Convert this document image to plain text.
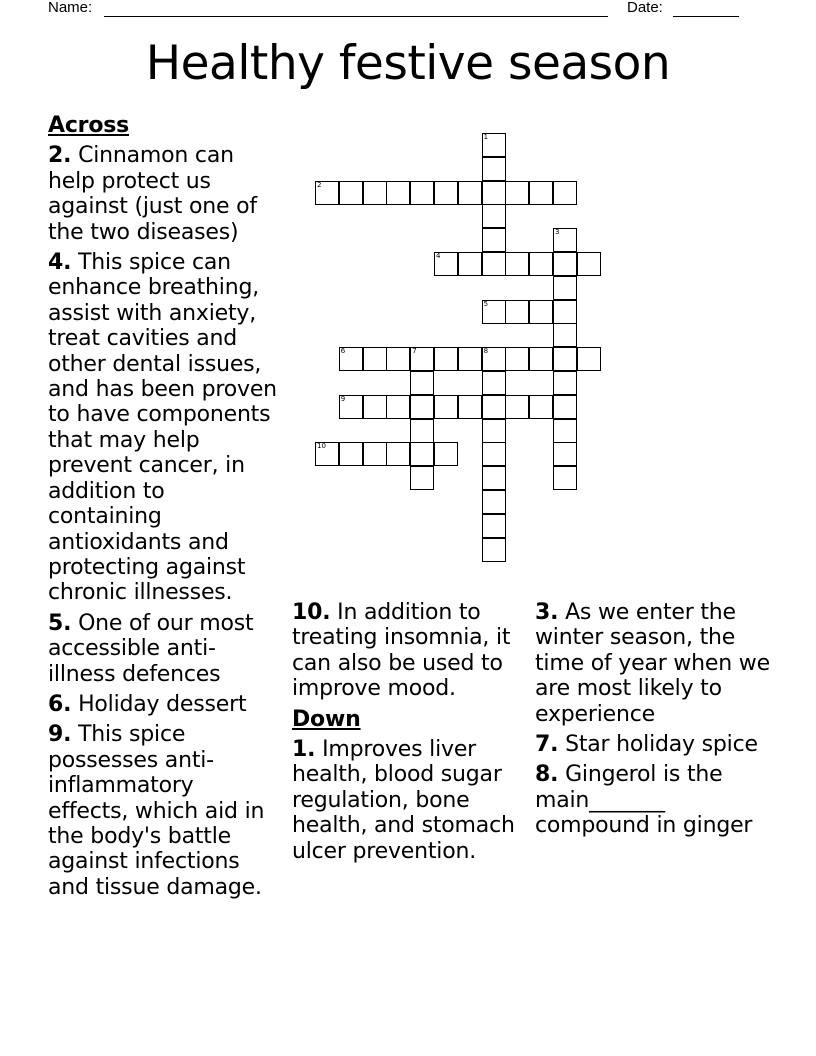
Name:	Date:
Healthy festive season
1
2
3
4
5
6	7	8
9
10
Across
2. Cinnamon can help protect us against (just one of the two diseases)
4. This spice can enhance breathing, assist with anxiety, treat cavities and other dental issues, and has been proven to have components that may help prevent cancer, in addition to containing antioxidants and protecting against chronic illnesses.
5. One of our most accessible anti-illness defences
6. Holiday dessert
9. This spice possesses anti-inflammatory effects, which aid in the body's battle against infections and tissue damage.
10. In addition to treating insomnia, it can also be used to improve mood.
Down
1. Improves liver health, blood sugar regulation, bone health, and stomach ulcer prevention.
3. As we enter the winter season, the time of year when we are most likely to experience
7. Star holiday spice
8. Gingerol is the main_______ compound in ginger
